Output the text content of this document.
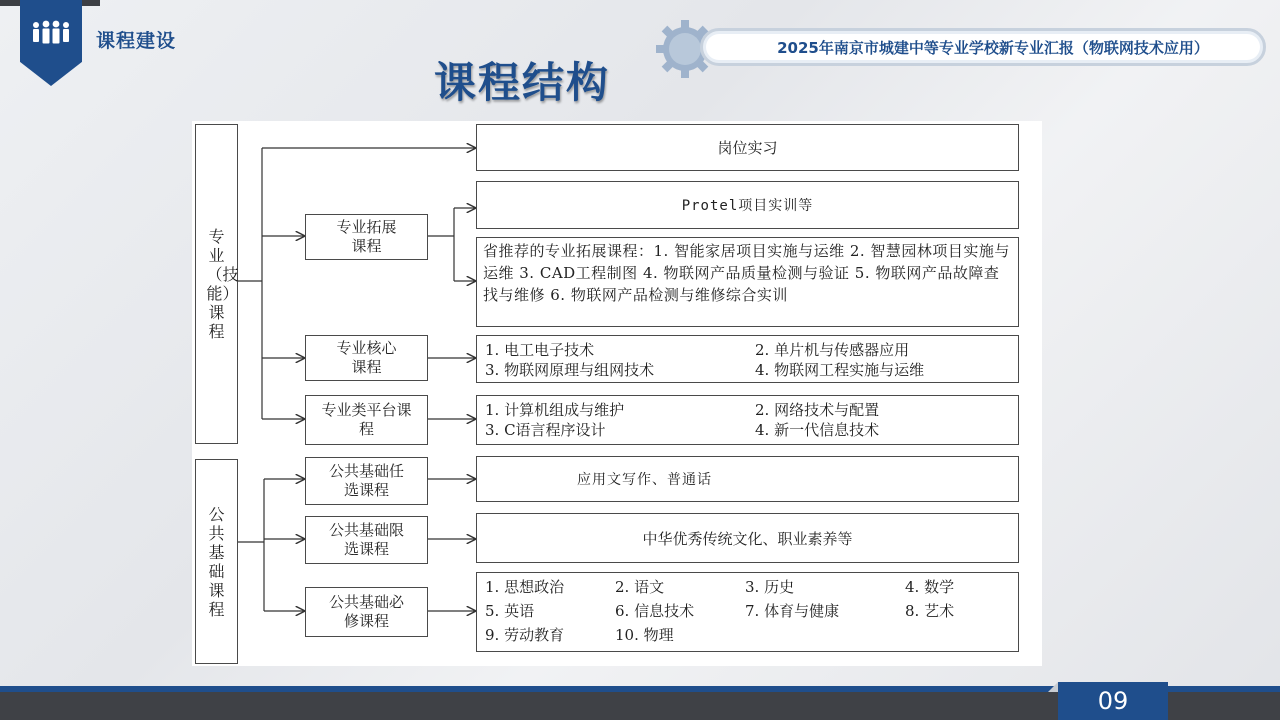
课程建设
课程结构
2025年南京市城建中等专业学校新专业汇报（物联网技术应用）
专业（技能）课程
公共基础课程
专业拓展课程
专业核心课程
专业类平台课程
公共基础任选课程
公共基础限选课程
公共基础必修课程
岗位实习
Protel项目实训等
省推荐的专业拓展课程：1. 智能家居项目实施与运维 2. 智慧园林项目实施与运维 3. CAD工程制图 4. 物联网产品质量检测与验证 5. 物联网产品故障查找与维修 6. 物联网产品检测与维修综合实训
1. 电工电子技术	2. 单片机与传感器应用
3. 物联网原理与组网技术	4. 物联网工程实施与运维
1. 计算机组成与维护	2. 网络技术与配置
3. C语言程序设计	4. 新一代信息技术
应用文写作、普通话
中华优秀传统文化、职业素养等
1. 思想政治	2. 语文	3. 历史	4. 数学
5. 英语	6. 信息技术	7. 体育与健康	8. 艺术
9. 劳动教育	10. 物理
09
